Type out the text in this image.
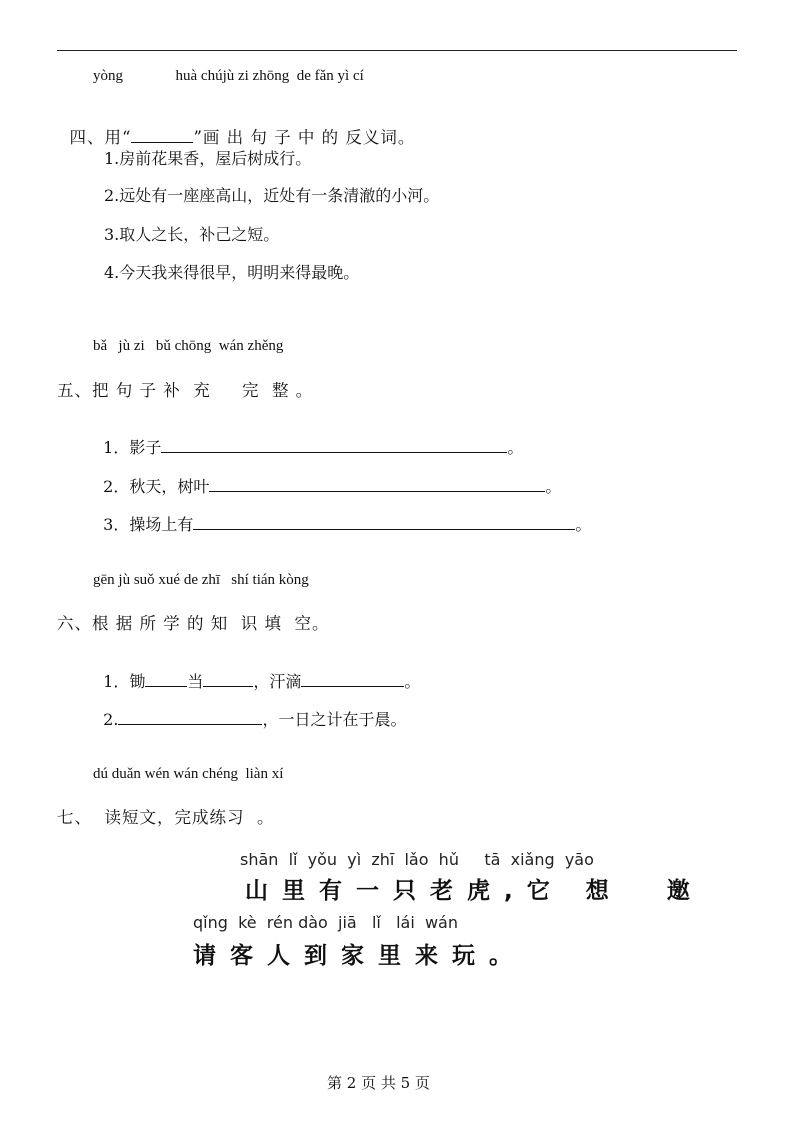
yòng              huà chújù zi zhōng  de fǎn yì cí

四、用“	”画 出 句 子 中 的 反义词。

1.房前花果香，屋后树成行。
2.远处有一座座高山，近处有一条清澈的小河。
3.取人之长，补己之短。
4.今天我来得很早，明明来得最晚。
bǎ   jù zi   bǔ chōng  wán zhěng
五、把 句 子 补  充     完  整 。

1．影子	。

2．秋天，树叶	。

3．操场上有	。

gēn jù suǒ xué de zhī   shí tián kòng
六、根 据 所 学 的 知  识 填  空。

1．锄	当	，汗滴	。

2.	，一日之计在于晨。

dú duǎn wén wán chéng  liàn xí
七、  读短文，完成练习  。
shān  lǐ  yǒu  yì  zhī  lǎo  hǔ     tā  xiǎng  yāo
山里有一只老虎,它 想  邀
qǐng  kè  rén dào  jiā   lǐ   lái  wán
请客人到家里来玩。
第 2 页 共 5 页
